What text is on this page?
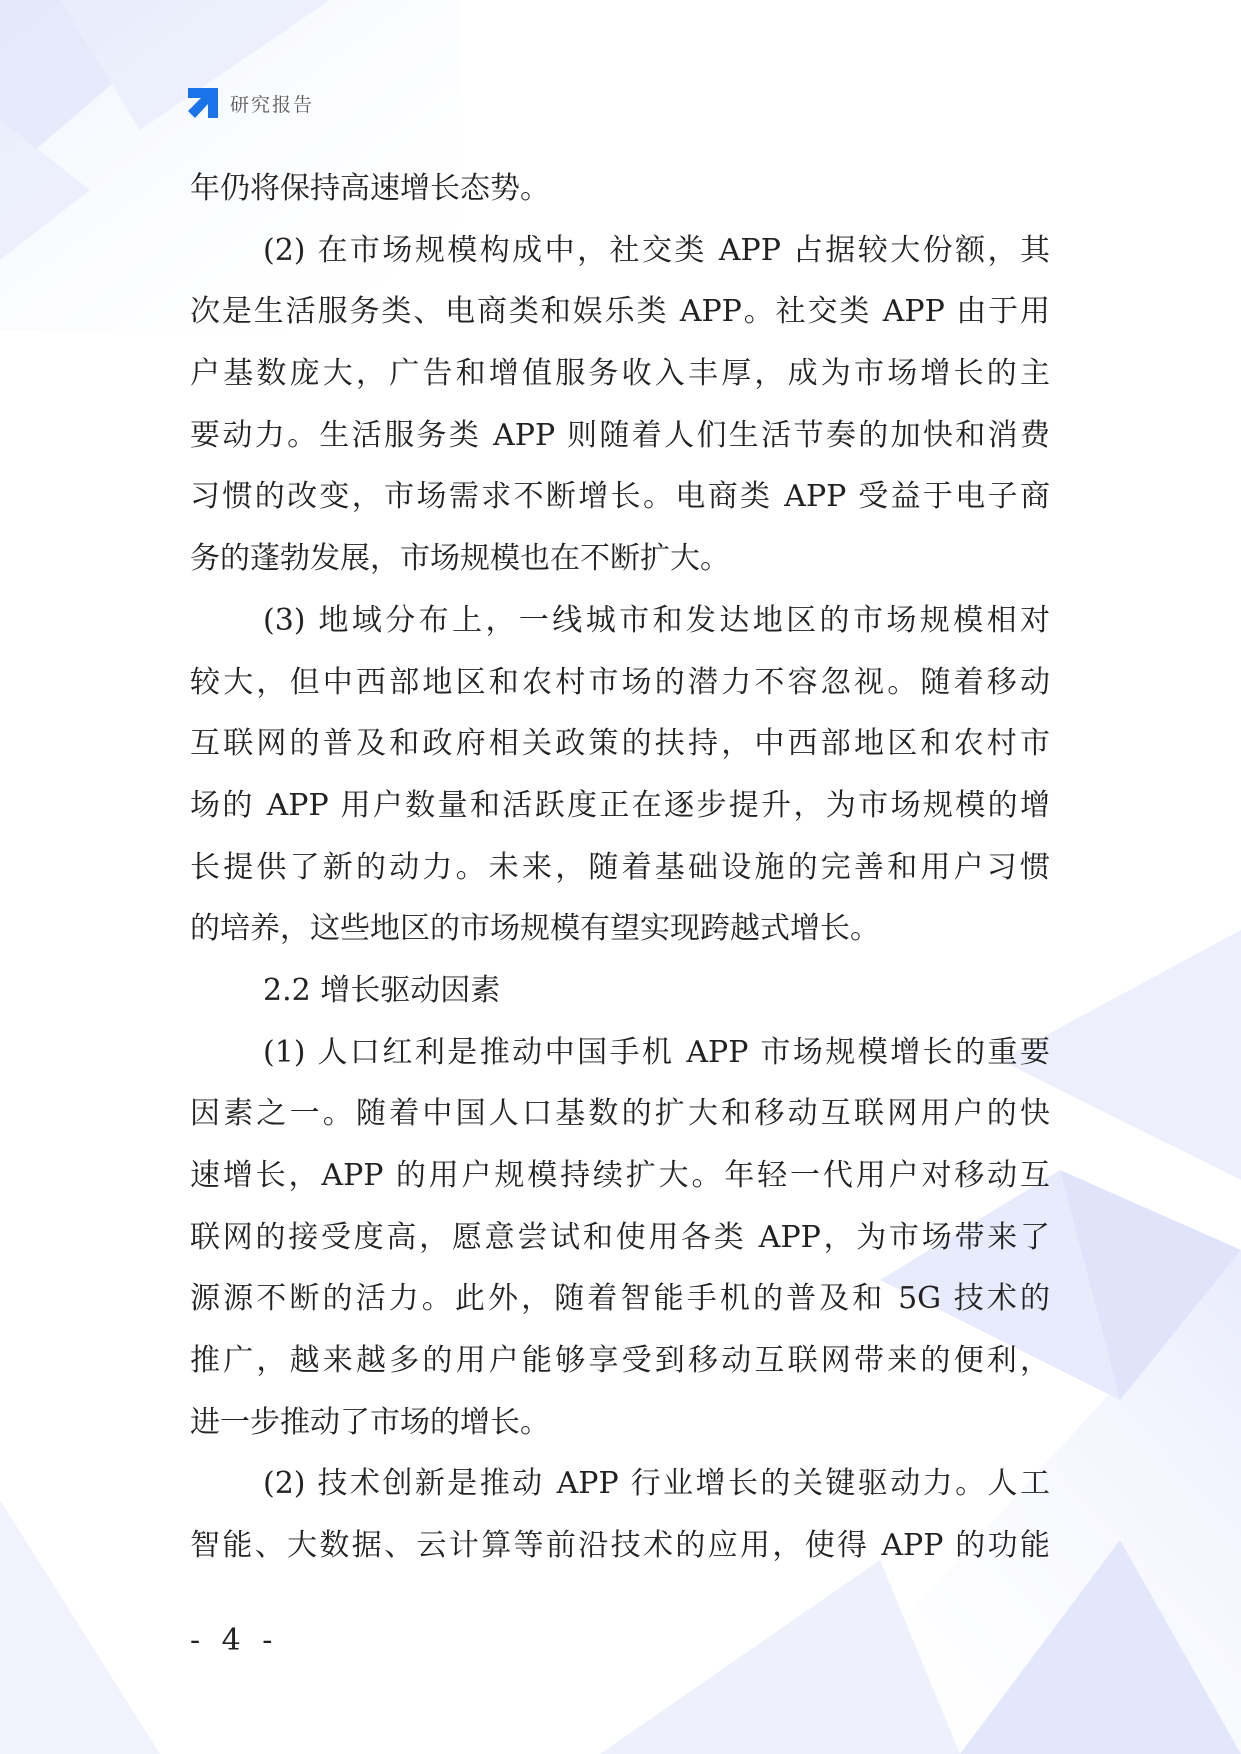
研究报告
年仍将保持高速增长态势。
(2) 在市场规模构成中，社交类 APP 占据较大份额，其
次是生活服务类、电商类和娱乐类 APP。社交类 APP 由于用
户基数庞大，广告和增值服务收入丰厚，成为市场增长的主
要动力。生活服务类 APP 则随着人们生活节奏的加快和消费
习惯的改变，市场需求不断增长。电商类 APP 受益于电子商
务的蓬勃发展，市场规模也在不断扩大。
(3) 地域分布上，一线城市和发达地区的市场规模相对
较大，但中西部地区和农村市场的潜力不容忽视。随着移动
互联网的普及和政府相关政策的扶持，中西部地区和农村市
场的 APP 用户数量和活跃度正在逐步提升，为市场规模的增
长提供了新的动力。未来，随着基础设施的完善和用户习惯
的培养，这些地区的市场规模有望实现跨越式增长。
2.2 增长驱动因素
(1) 人口红利是推动中国手机 APP 市场规模增长的重要
因素之一。随着中国人口基数的扩大和移动互联网用户的快
速增长，APP 的用户规模持续扩大。年轻一代用户对移动互
联网的接受度高，愿意尝试和使用各类 APP，为市场带来了
源源不断的活力。此外，随着智能手机的普及和 5G 技术的
推广，越来越多的用户能够享受到移动互联网带来的便利，
进一步推动了市场的增长。
(2) 技术创新是推动 APP 行业增长的关键驱动力。人工
智能、大数据、云计算等前沿技术的应用，使得 APP 的功能
- 4 -
